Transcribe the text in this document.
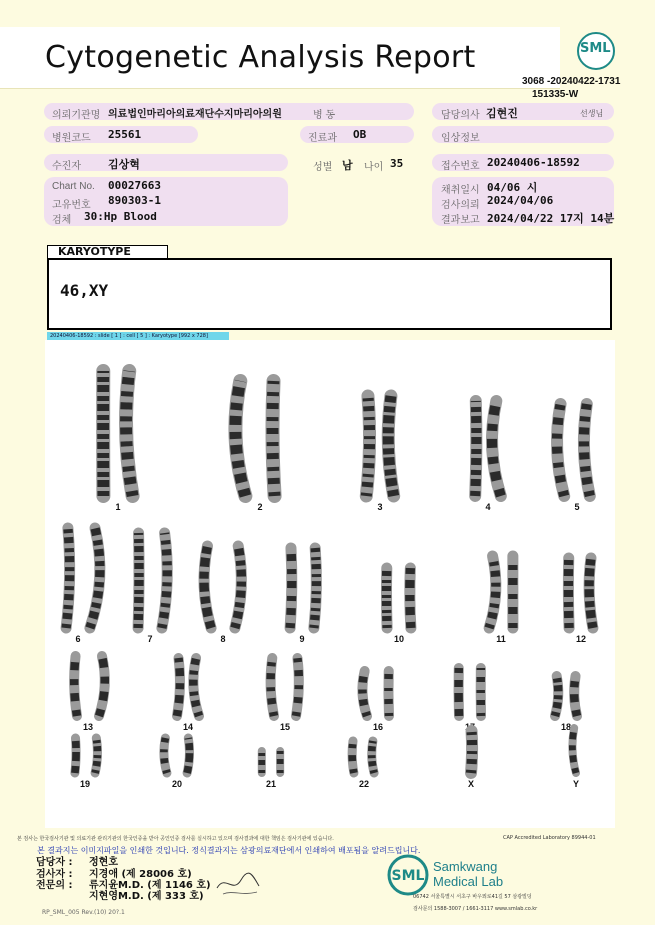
Cytogenetic Analysis Report	SML
3068 -20240422-1731
151335-W
의뢰기관명 의료법인마리아의료재단수지마리아의원	병 동	담당의사 김현진	선생님
병원코드 25561	진료과 OB	임상정보
수진자 김상혁	성별 남 나이 35	접수번호 20240406-18592
Chart No. 00027663
고유번호 890303-1
검체 30:Hp Blood
채취일시 04/06 시
검사의뢰 2024/04/06
결과보고 2024/04/22 17지 14분
KARYOTYPE
46,XY
20240406-18592 : slide [ 1 ] : cell [ 5 ] : Karyotype [992 x 728]
1	2	3	4	5
6	7	8	9	10	11	12
13	14	15	16	17	18
19	20	21	22	X	Y
본 검사는 한국검사기관 및 의료기관 관리기관의 한국인증을 받아 공인인증 검사를 실시하고 있으며 검사결과에 대한 책임은 검사기관에 있습니다.	CAP Accredited Laboratory 89944-01
본 결과지는 이미지파일을 인쇄한 것입니다. 정식결과지는 삼광의료재단에서 인쇄하여 배포됨을 알려드립니다.
담당자 : 정현호
검사자 : 지경애 (제 28006 호)
전문의 : 류지윤M.D. (제 1146 호)
지현영M.D. (제 333 호)
SML
Samkwang
Medical Lab
06742 서울특별시 서초구 바우뫼로41길 57 삼광빌딩
검사문의 1588-3007 / 1661-3117 www.smlab.co.kr
RP_SML_005 Rev.(10) 20?.1
